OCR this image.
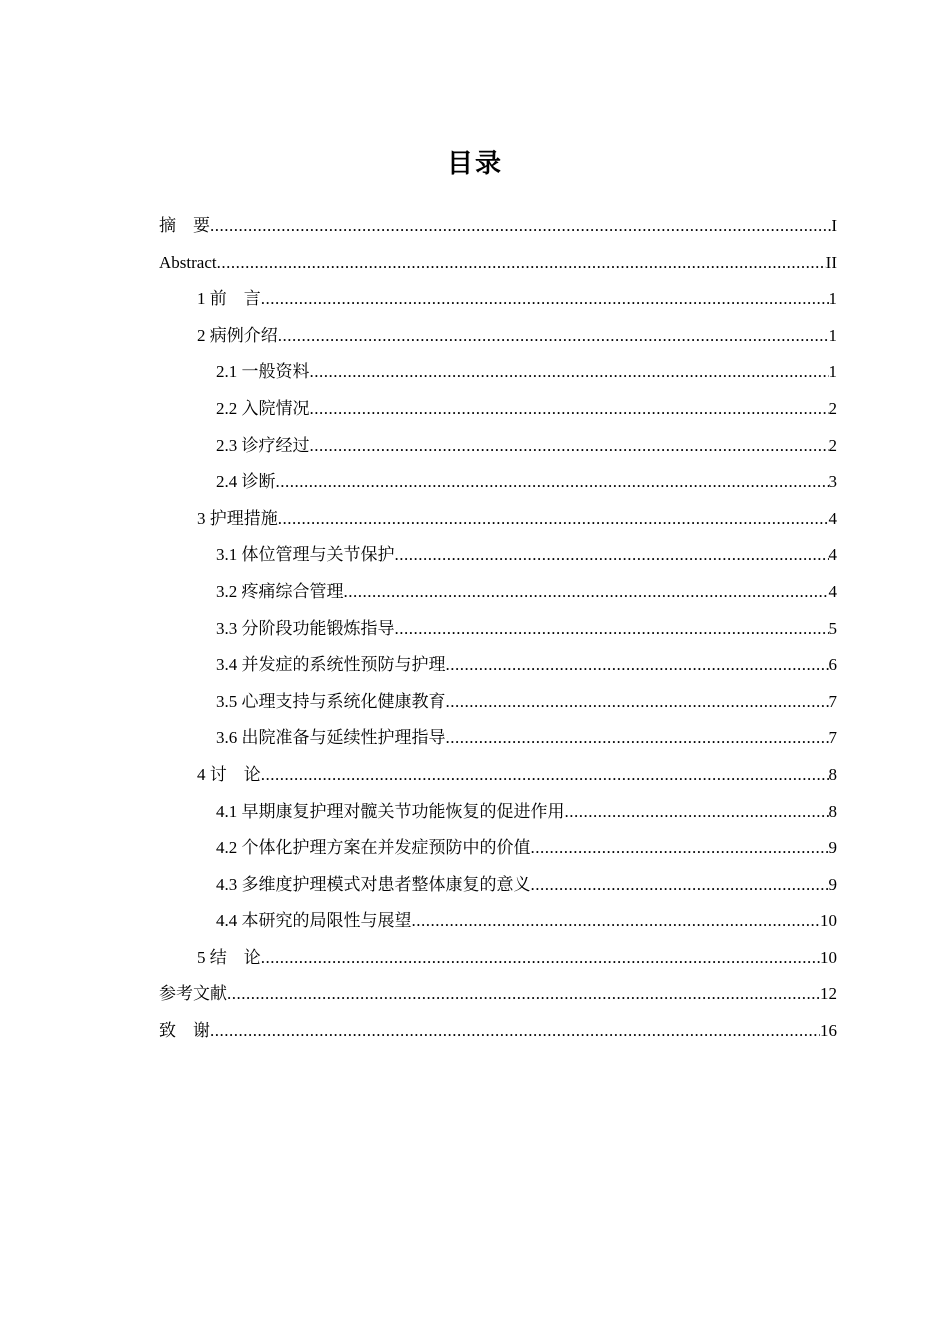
目录
摘　要 .....	I
Abstract .....	II
1 前　言 .....	1
2 病例介绍 .....	1
2.1 一般资料 .....	1
2.2 入院情况 .....	2
2.3 诊疗经过 .....	2
2.4 诊断 .....	3
3 护理措施 .....	4
3.1 体位管理与关节保护 .....	4
3.2 疼痛综合管理 .....	4
3.3 分阶段功能锻炼指导 .....	5
3.4 并发症的系统性预防与护理 .....	6
3.5 心理支持与系统化健康教育 .....	7
3.6 出院准备与延续性护理指导 .....	7
4 讨　论 .....	8
4.1 早期康复护理对髋关节功能恢复的促进作用 .....	8
4.2 个体化护理方案在并发症预防中的价值 .....	9
4.3 多维度护理模式对患者整体康复的意义 .....	9
4.4 本研究的局限性与展望 .....	10
5 结　论 .....	10
参考文献 .....	12
致　谢 .....	16
